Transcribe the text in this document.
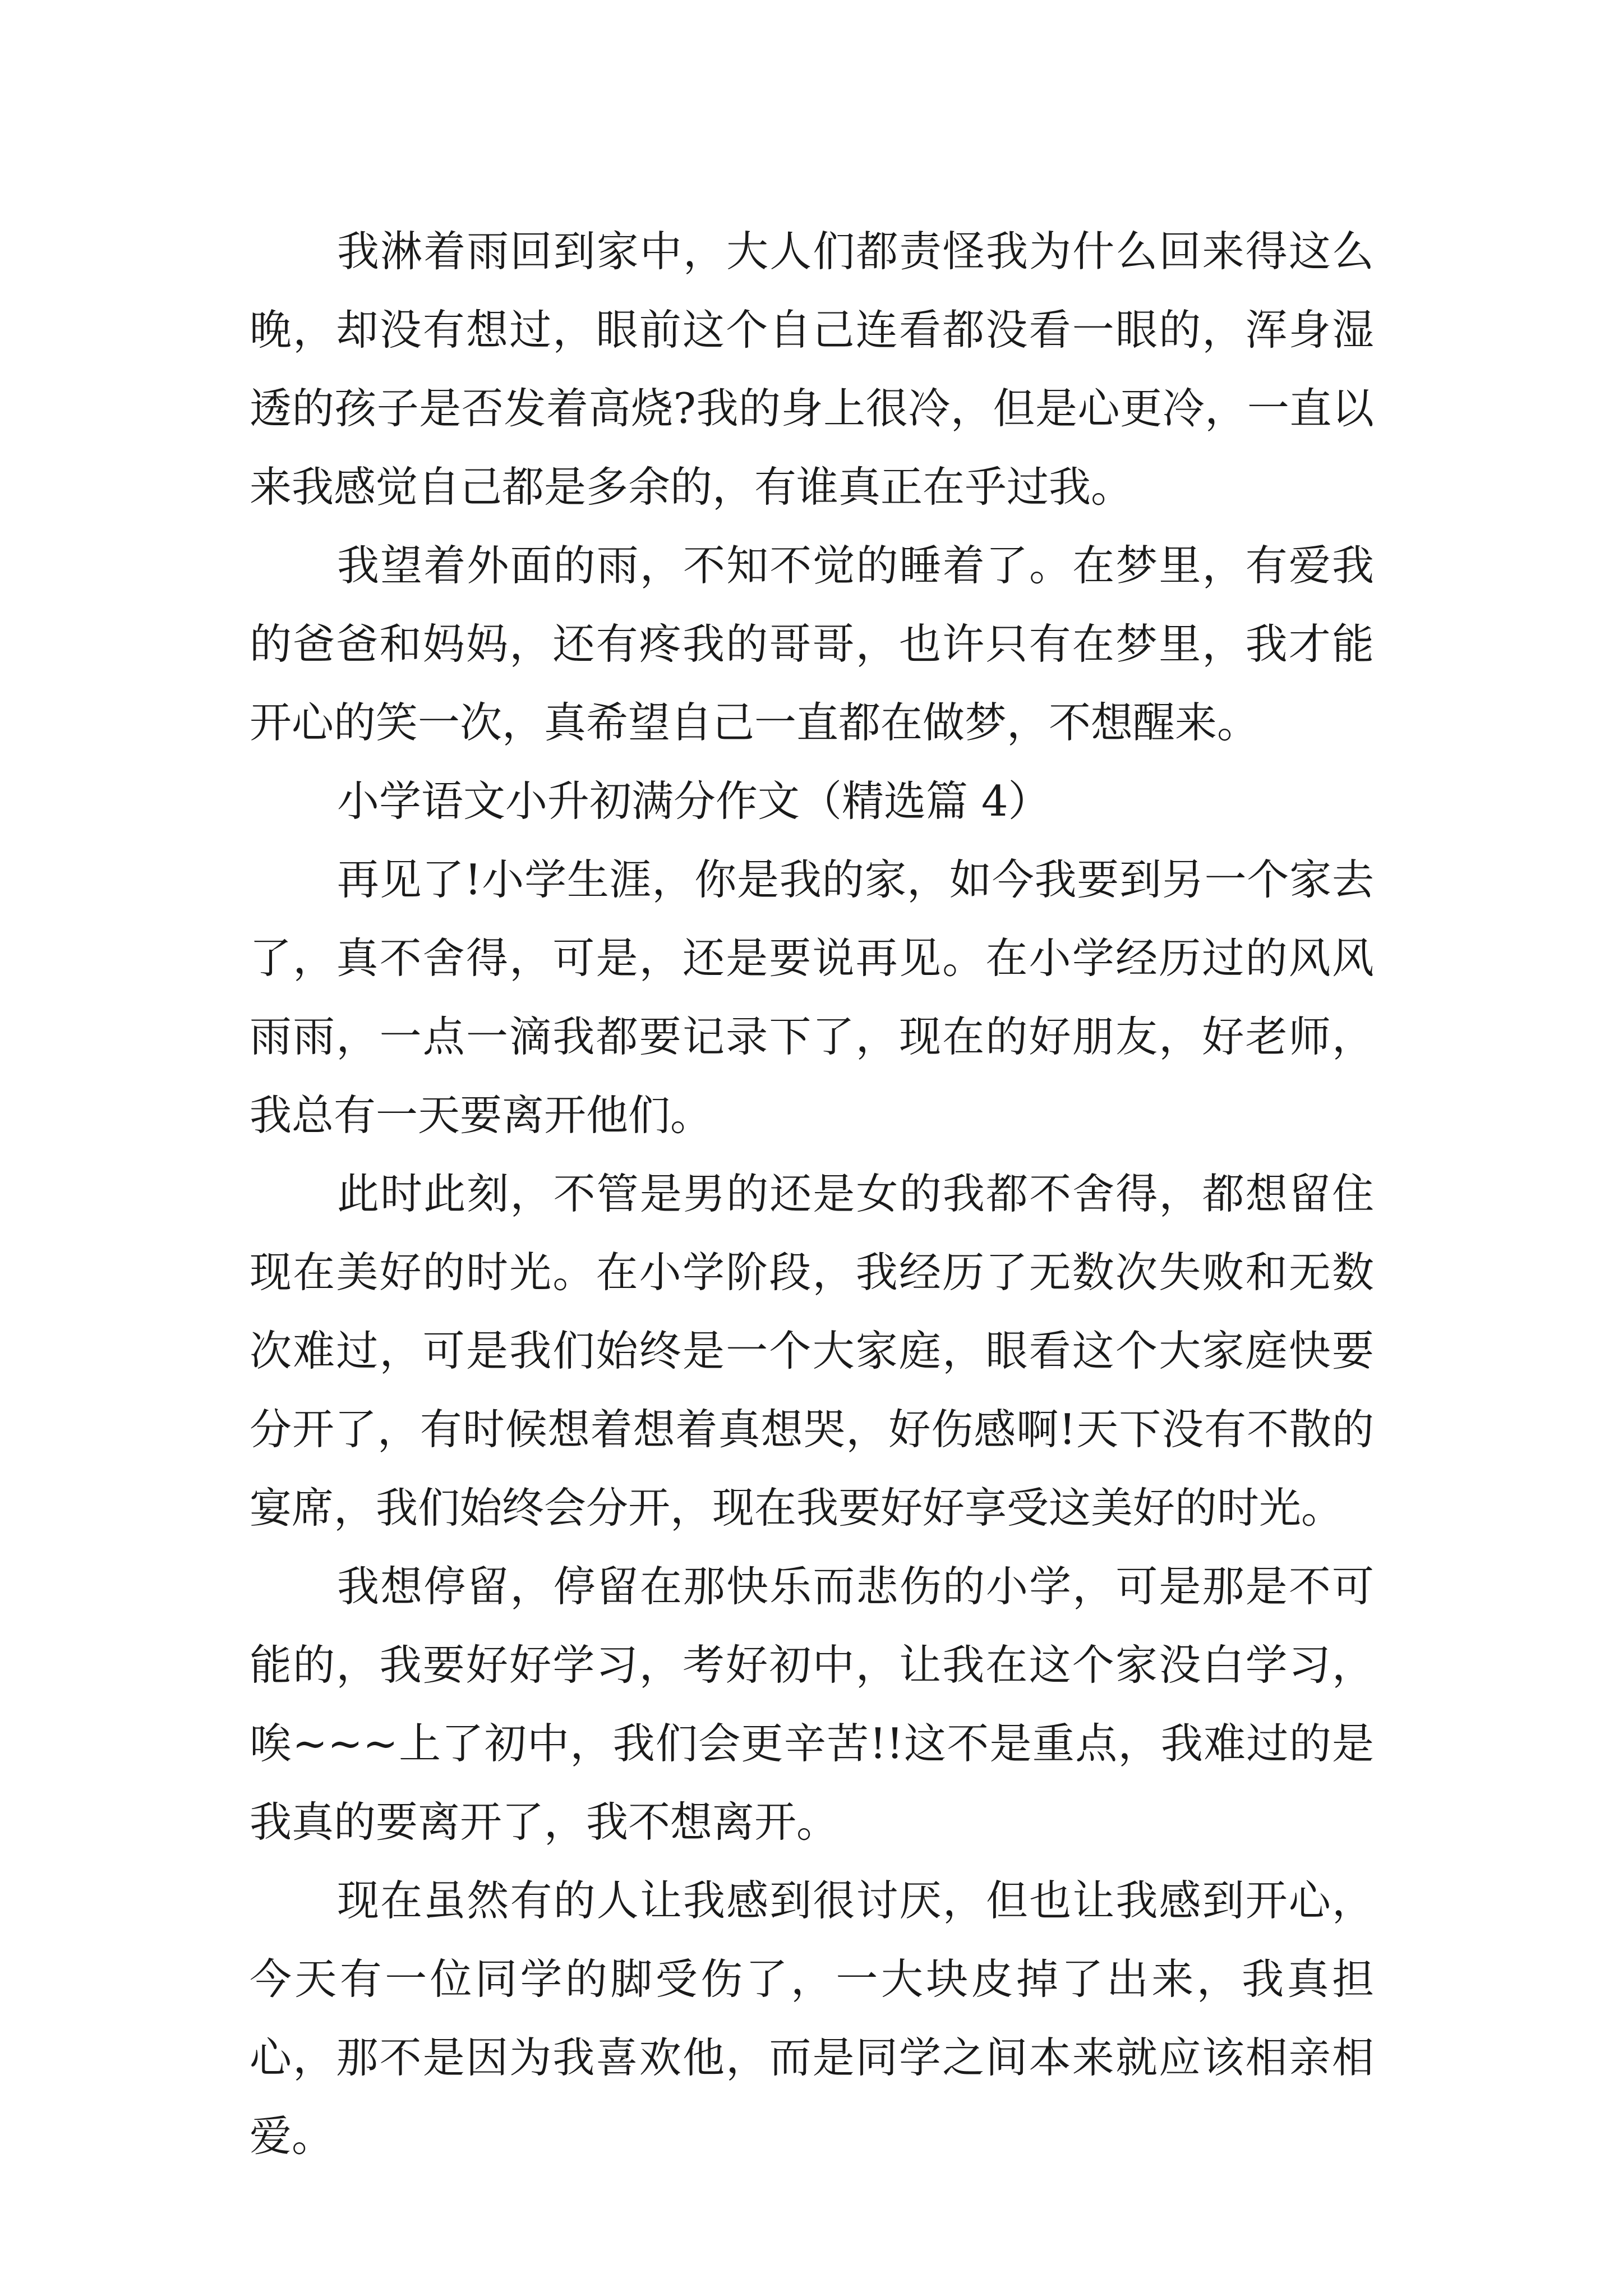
我淋着雨回到家中，大人们都责怪我为什么回来得这么晚，却没有想过，眼前这个自己连看都没看一眼的，浑身湿透的孩子是否发着高烧?我的身上很冷，但是心更冷，一直以来我感觉自己都是多余的，有谁真正在乎过我。

我望着外面的雨，不知不觉的睡着了。在梦里，有爱我的爸爸和妈妈，还有疼我的哥哥，也许只有在梦里，我才能开心的笑一次，真希望自己一直都在做梦，不想醒来。

小学语文小升初满分作文（精选篇 4）

再见了!小学生涯，你是我的家，如今我要到另一个家去了，真不舍得，可是，还是要说再见。在小学经历过的风风雨雨，一点一滴我都要记录下了，现在的好朋友，好老师，我总有一天要离开他们。

此时此刻，不管是男的还是女的我都不舍得，都想留住现在美好的时光。在小学阶段，我经历了无数次失败和无数次难过，可是我们始终是一个大家庭，眼看这个大家庭快要分开了，有时候想着想着真想哭，好伤感啊!天下没有不散的宴席，我们始终会分开，现在我要好好享受这美好的时光。

我想停留，停留在那快乐而悲伤的小学，可是那是不可能的，我要好好学习，考好初中，让我在这个家没白学习，唉~~~上了初中，我们会更辛苦!!这不是重点，我难过的是我真的要离开了，我不想离开。

现在虽然有的人让我感到很讨厌，但也让我感到开心，今天有一位同学的脚受伤了，一大块皮掉了出来，我真担心，那不是因为我喜欢他，而是同学之间本来就应该相亲相爱。
